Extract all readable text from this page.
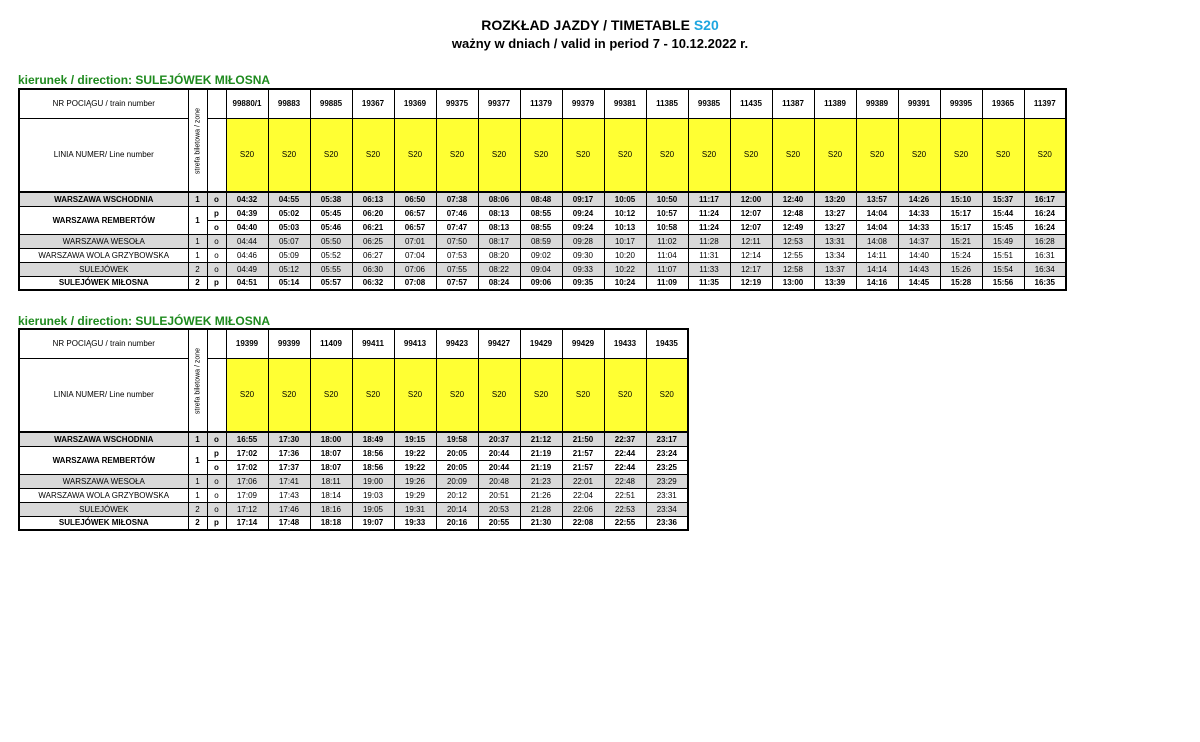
ROZKŁAD JAZDY / TIMETABLE S20
ważny w dniach / valid in period 7 - 10.12.2022 r.
kierunek / direction: SULEJÓWEK MIŁOSNA
NR POCIĄGU / train number	strefa biletowa / zone		99880/1	99883	99885	19367	19369	99375	99377	11379	99379	99381	11385	99385	11435	11387	11389	99389	99391	99395	19365	11397
LINIA NUMER/ Line number			S20	S20	S20	S20	S20	S20	S20	S20	S20	S20	S20	S20	S20	S20	S20	S20	S20	S20	S20	S20
WARSZAWA WSCHODNIA	1	o	04:32	04:55	05:38	06:13	06:50	07:38	08:06	08:48	09:17	10:05	10:50	11:17	12:00	12:40	13:20	13:57	14:26	15:10	15:37	16:17
WARSZAWA REMBERTÓW	1	p	04:39	05:02	05:45	06:20	06:57	07:46	08:13	08:55	09:24	10:12	10:57	11:24	12:07	12:48	13:27	14:04	14:33	15:17	15:44	16:24
		o	04:40	05:03	05:46	06:21	06:57	07:47	08:13	08:55	09:24	10:13	10:58	11:24	12:07	12:49	13:27	14:04	14:33	15:17	15:45	16:24
WARSZAWA WESOŁA	1	o	04:44	05:07	05:50	06:25	07:01	07:50	08:17	08:59	09:28	10:17	11:02	11:28	12:11	12:53	13:31	14:08	14:37	15:21	15:49	16:28
WARSZAWA WOLA GRZYBOWSKA	1	o	04:46	05:09	05:52	06:27	07:04	07:53	08:20	09:02	09:30	10:20	11:04	11:31	12:14	12:55	13:34	14:11	14:40	15:24	15:51	16:31
SULEJÓWEK	2	o	04:49	05:12	05:55	06:30	07:06	07:55	08:22	09:04	09:33	10:22	11:07	11:33	12:17	12:58	13:37	14:14	14:43	15:26	15:54	16:34
SULEJÓWEK MIŁOSNA	2	p	04:51	05:14	05:57	06:32	07:08	07:57	08:24	09:06	09:35	10:24	11:09	11:35	12:19	13:00	13:39	14:16	14:45	15:28	15:56	16:35
kierunek / direction: SULEJÓWEK MIŁOSNA
NR POCIĄGU / train number	strefa biletowa / zone		19399	99399	11409	99411	99413	99423	99427	19429	99429	19433	19435
LINIA NUMER/ Line number			S20	S20	S20	S20	S20	S20	S20	S20	S20	S20	S20
WARSZAWA WSCHODNIA	1	o	16:55	17:30	18:00	18:49	19:15	19:58	20:37	21:12	21:50	22:37	23:17
WARSZAWA REMBERTÓW	1	p	17:02	17:36	18:07	18:56	19:22	20:05	20:44	21:19	21:57	22:44	23:24
		o	17:02	17:37	18:07	18:56	19:22	20:05	20:44	21:19	21:57	22:44	23:25
WARSZAWA WESOŁA	1	o	17:06	17:41	18:11	19:00	19:26	20:09	20:48	21:23	22:01	22:48	23:29
WARSZAWA WOLA GRZYBOWSKA	1	o	17:09	17:43	18:14	19:03	19:29	20:12	20:51	21:26	22:04	22:51	23:31
SULEJÓWEK	2	o	17:12	17:46	18:16	19:05	19:31	20:14	20:53	21:28	22:06	22:53	23:34
SULEJÓWEK MIŁOSNA	2	p	17:14	17:48	18:18	19:07	19:33	20:16	20:55	21:30	22:08	22:55	23:36
